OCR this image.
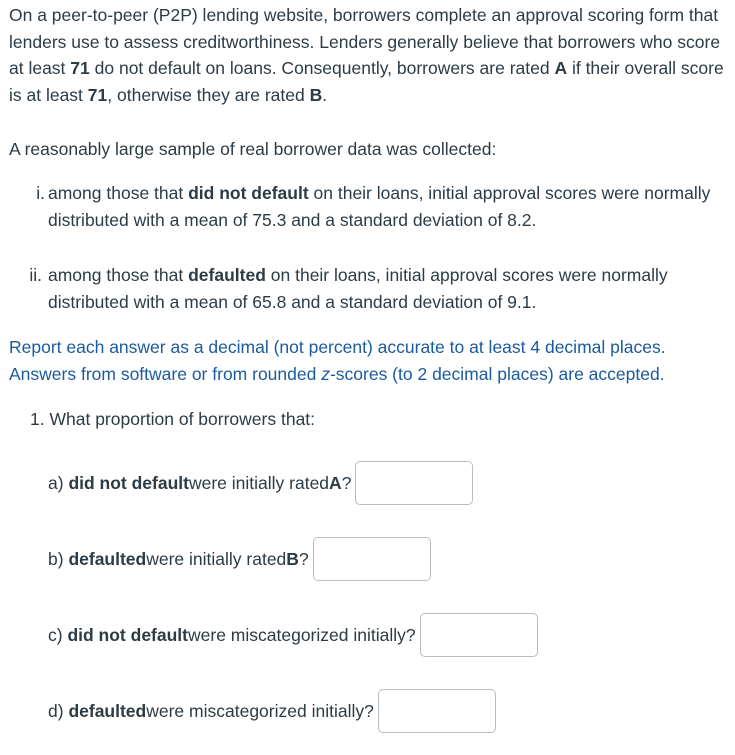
On a peer-to-peer (P2P) lending website, borrowers complete an approval scoring form that lenders use to assess creditworthiness. Lenders generally believe that borrowers who score at least 71 do not default on loans. Consequently, borrowers are rated A if their overall score is at least 71, otherwise they are rated B.

A reasonably large sample of real borrower data was collected:

i. among those that did not default on their loans, initial approval scores were normally distributed with a mean of 75.3 and a standard deviation of 8.2.

ii. among those that defaulted on their loans, initial approval scores were normally distributed with a mean of 65.8 and a standard deviation of 9.1.

Report each answer as a decimal (not percent) accurate to at least 4 decimal places.
Answers from software or from rounded z-scores (to 2 decimal places) are accepted.

1. What proportion of borrowers that:

a)
did not default were initially rated A ?
b)
defaulted were initially rated B ?
c)
did not default were miscategorized initially?
d)
defaulted were miscategorized initially?
